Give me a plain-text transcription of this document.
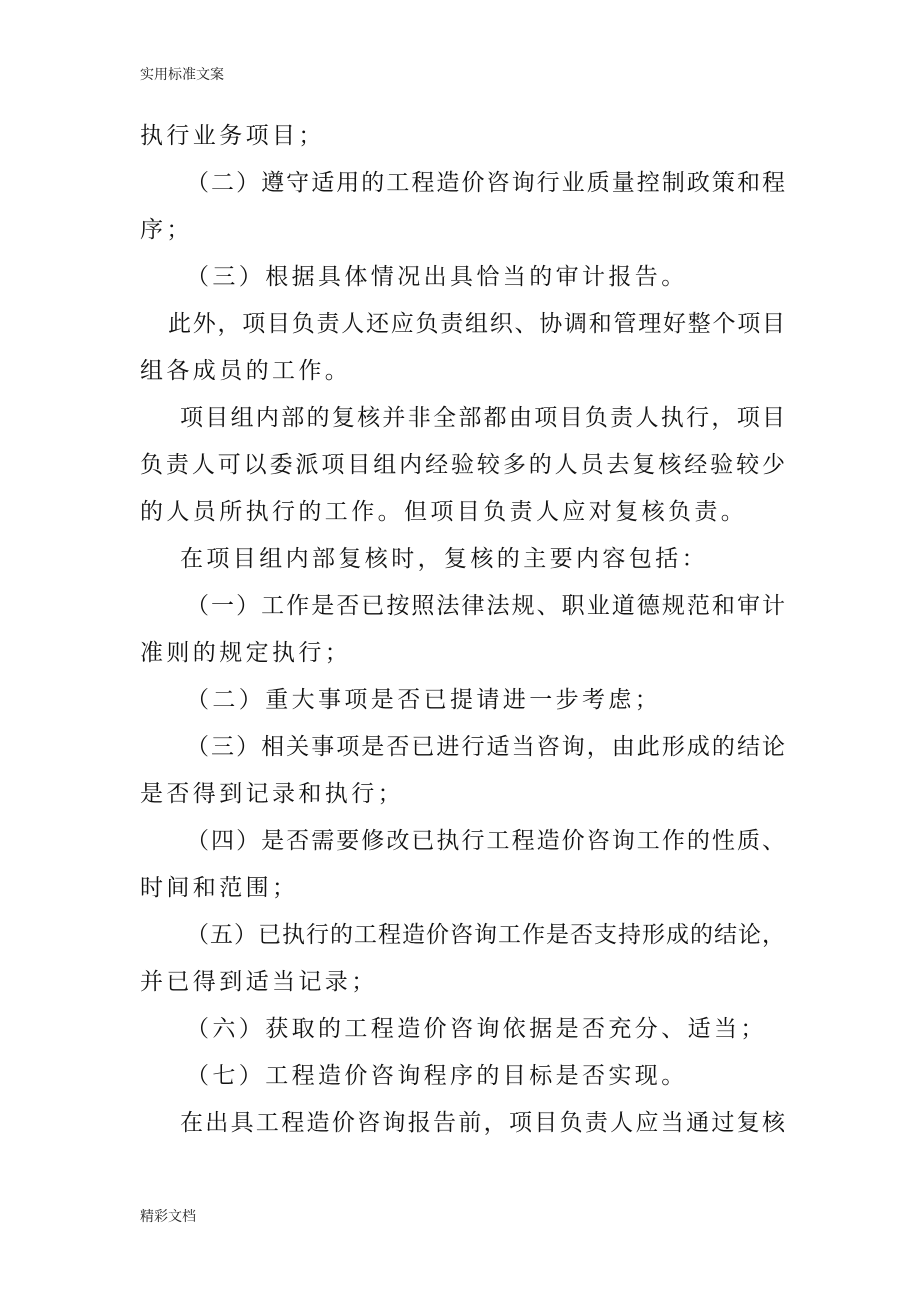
实用标准文案
执行业务项目；
（二）遵守适用的工程造价咨询行业质量控制政策和程
序；
（三）根据具体情况出具恰当的审计报告。
此外，项目负责人还应负责组织、协调和管理好整个项目
组各成员的工作。
项目组内部的复核并非全部都由项目负责人执行，项目
负责人可以委派项目组内经验较多的人员去复核经验较少
的人员所执行的工作。但项目负责人应对复核负责。
在项目组内部复核时，复核的主要内容包括：
（一）工作是否已按照法律法规、职业道德规范和审计
准则的规定执行；
（二）重大事项是否已提请进一步考虑；
（三）相关事项是否已进行适当咨询，由此形成的结论
是否得到记录和执行；
（四）是否需要修改已执行工程造价咨询工作的性质、
时间和范围；
（五）已执行的工程造价咨询工作是否支持形成的结论，
并已得到适当记录；
（六）获取的工程造价咨询依据是否充分、适当；
（七）工程造价咨询程序的目标是否实现。
在出具工程造价咨询报告前，项目负责人应当通过复核
精彩文档
